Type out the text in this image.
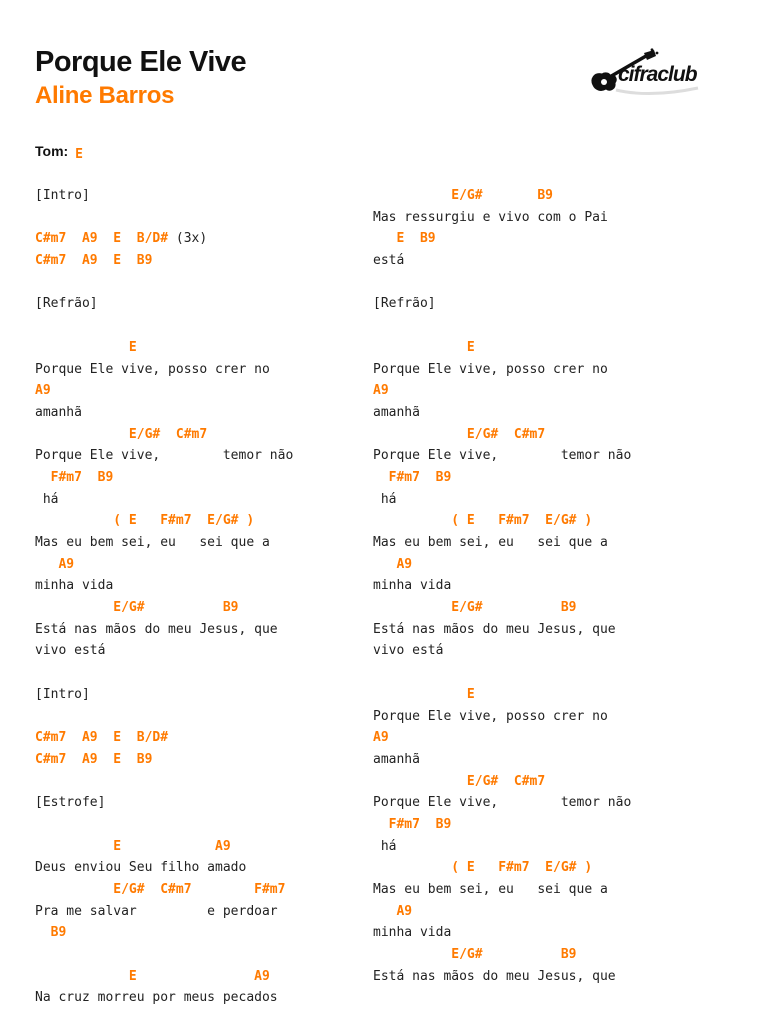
Porque Ele Vive
Aline Barros
cifraclub
Tom: E
[Intro]

C#m7  A9  E  B/D# (3x)
C#m7  A9  E  B9

[Refrão]

E
Porque Ele vive, posso crer no
A9
amanhã
E/G#  C#m7
Porque Ele vive,        temor não
F#m7  B9
há
( E   F#m7  E/G# )
Mas eu bem sei, eu   sei que a
A9
minha vida
E/G#          B9
Está nas mãos do meu Jesus, que
vivo está

[Intro]

C#m7  A9  E  B/D#
C#m7  A9  E  B9

[Estrofe]

E            A9
Deus enviou Seu filho amado
E/G#  C#m7        F#m7
Pra me salvar         e perdoar
B9

E               A9
Na cruz morreu por meus pecados
E/G#       B9
Mas ressurgiu e vivo com o Pai
E  B9
está

[Refrão]

E
Porque Ele vive, posso crer no
A9
amanhã
E/G#  C#m7
Porque Ele vive,        temor não
F#m7  B9
há
( E   F#m7  E/G# )
Mas eu bem sei, eu   sei que a
A9
minha vida
E/G#          B9
Está nas mãos do meu Jesus, que
vivo está

E
Porque Ele vive, posso crer no
A9
amanhã
E/G#  C#m7
Porque Ele vive,        temor não
F#m7  B9
há
( E   F#m7  E/G# )
Mas eu bem sei, eu   sei que a
A9
minha vida
E/G#          B9
Está nas mãos do meu Jesus, que
